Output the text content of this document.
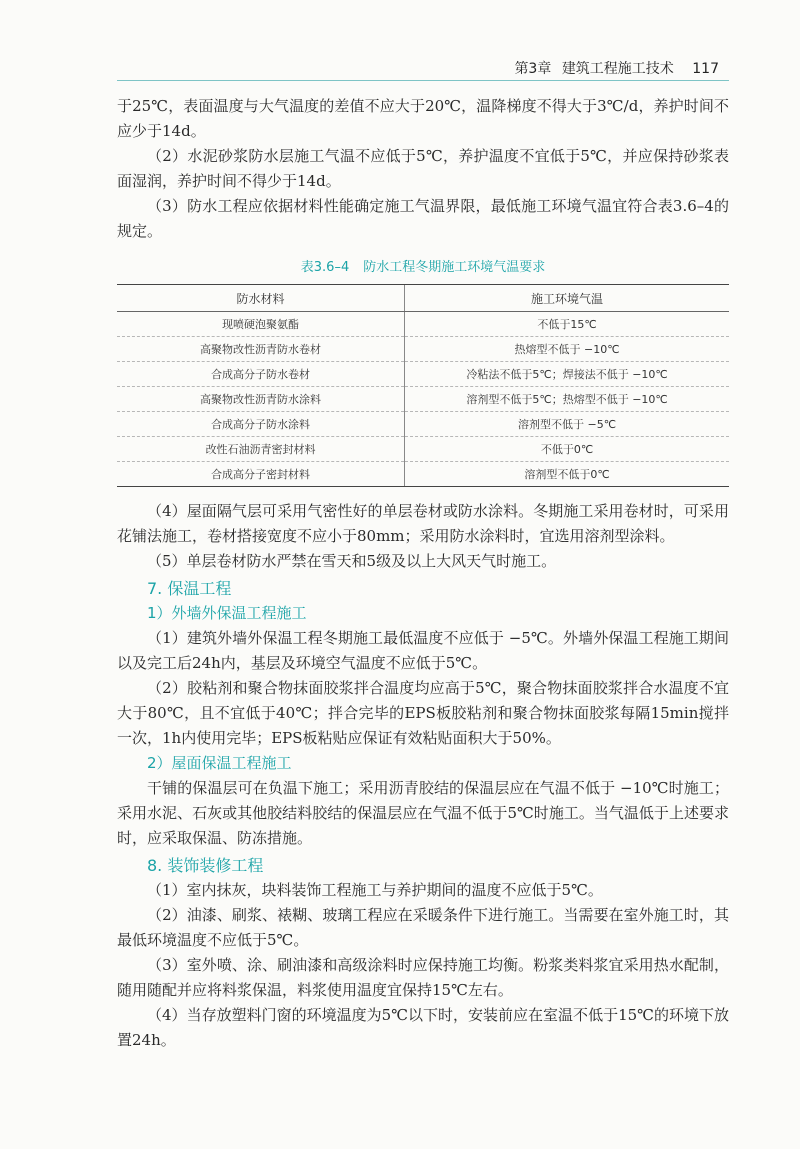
第3章 建筑工程施工技术 117

于25℃，表面温度与大气温度的差值不应大于20℃，温降梯度不得大于3℃/d，养护时间不应少于14d。

（2）水泥砂浆防水层施工气温不应低于5℃，养护温度不宜低于5℃，并应保持砂浆表面湿润，养护时间不得少于14d。

（3）防水工程应依据材料性能确定施工气温界限，最低施工环境气温宜符合表3.6–4的规定。

表3.6–4 防水工程冬期施工环境气温要求
防水材料	施工环境气温
现喷硬泡聚氨酯	不低于15℃
高聚物改性沥青防水卷材	热熔型不低于 −10℃
合成高分子防水卷材	冷粘法不低于5℃；焊接法不低于 −10℃
高聚物改性沥青防水涂料	溶剂型不低于5℃；热熔型不低于 −10℃
合成高分子防水涂料	溶剂型不低于 −5℃
改性石油沥青密封材料	不低于0℃
合成高分子密封材料	溶剂型不低于0℃

（4）屋面隔气层可采用气密性好的单层卷材或防水涂料。冬期施工采用卷材时，可采用花铺法施工，卷材搭接宽度不应小于80mm；采用防水涂料时，宜选用溶剂型涂料。

（5）单层卷材防水严禁在雪天和5级及以上大风天气时施工。

7. 保温工程
1）外墙外保温工程施工

（1）建筑外墙外保温工程冬期施工最低温度不应低于 −5℃。外墙外保温工程施工期间以及完工后24h内，基层及环境空气温度不应低于5℃。

（2）胶粘剂和聚合物抹面胶浆拌合温度均应高于5℃，聚合物抹面胶浆拌合水温度不宜大于80℃，且不宜低于40℃；拌合完毕的EPS板胶粘剂和聚合物抹面胶浆每隔15min搅拌一次，1h内使用完毕；EPS板粘贴应保证有效粘贴面积大于50%。

2）屋面保温工程施工

干铺的保温层可在负温下施工；采用沥青胶结的保温层应在气温不低于 −10℃时施工；采用水泥、石灰或其他胶结料胶结的保温层应在气温不低于5℃时施工。当气温低于上述要求时，应采取保温、防冻措施。

8. 装饰装修工程

（1）室内抹灰，块料装饰工程施工与养护期间的温度不应低于5℃。

（2）油漆、刷浆、裱糊、玻璃工程应在采暖条件下进行施工。当需要在室外施工时，其最低环境温度不应低于5℃。

（3）室外喷、涂、刷油漆和高级涂料时应保持施工均衡。粉浆类料浆宜采用热水配制，随用随配并应将料浆保温，料浆使用温度宜保持15℃左右。

（4）当存放塑料门窗的环境温度为5℃以下时，安装前应在室温不低于15℃的环境下放置24h。
